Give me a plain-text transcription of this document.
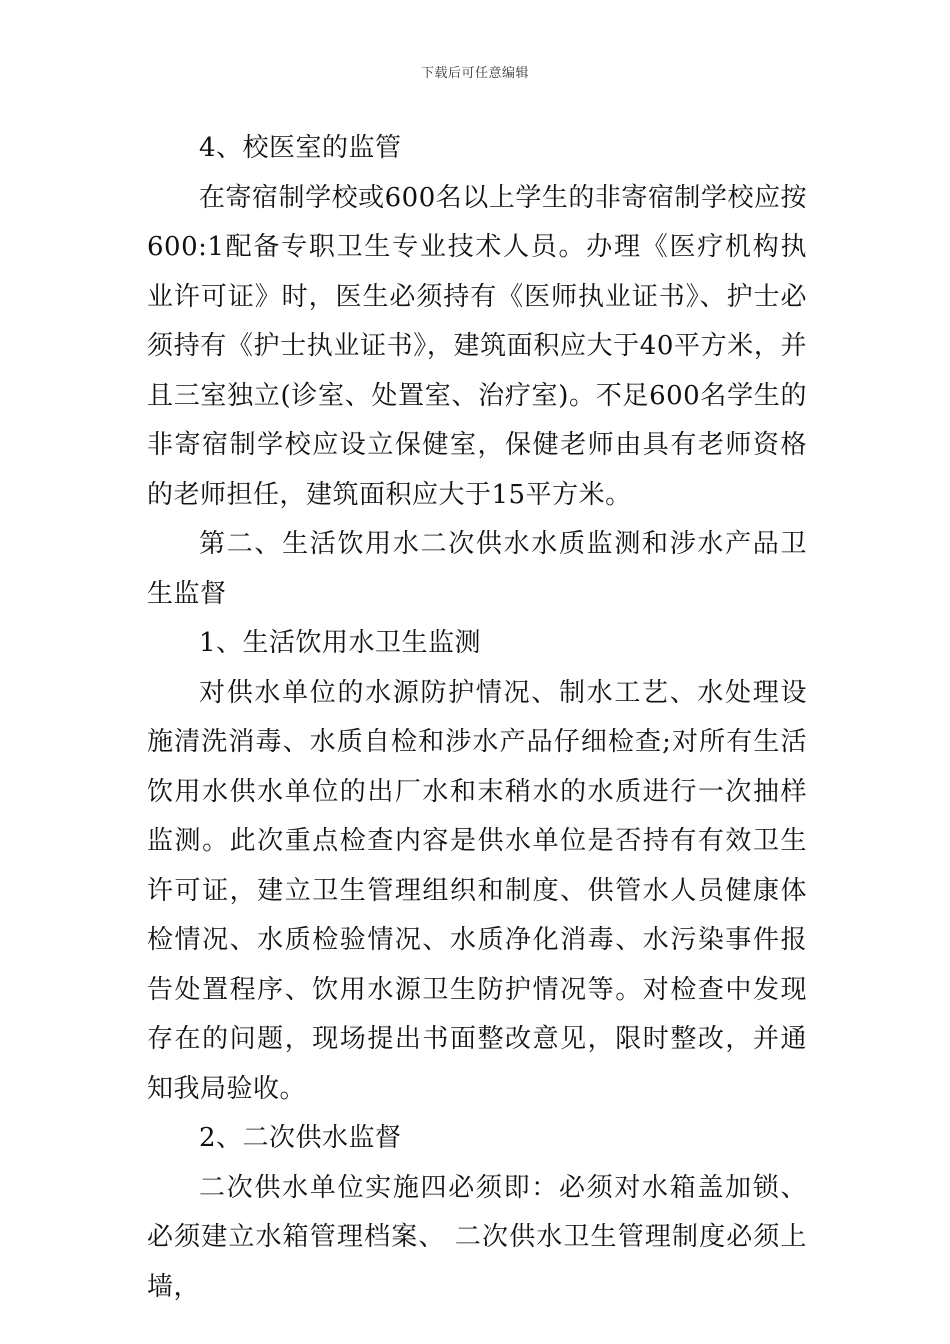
下载后可任意编辑

4、校医室的监管

在寄宿制学校或600名以上学生的非寄宿制学校应按600:1配备专职卫生专业技术人员。办理《医疗机构执业许可证》时，医生必须持有《医师执业证书》、护士必须持有《护士执业证书》，建筑面积应大于40平方米，并且三室独立(诊室、处置室、治疗室)。不足600名学生的非寄宿制学校应设立保健室，保健老师由具有老师资格的老师担任，建筑面积应大于15平方米。

第二、生活饮用水二次供水水质监测和涉水产品卫生监督

1、生活饮用水卫生监测

对供水单位的水源防护情况、制水工艺、水处理设施清洗消毒、水质自检和涉水产品仔细检查;对所有生活饮用水供水单位的出厂水和末稍水的水质进行一次抽样监测。此次重点检查内容是供水单位是否持有有效卫生许可证，建立卫生管理组织和制度、供管水人员健康体检情况、水质检验情况、水质净化消毒、水污染事件报告处置程序、饮用水源卫生防护情况等。对检查中发现存在的问题，现场提出书面整改意见，限时整改，并通知我局验收。

2、二次供水监督

二次供水单位实施四必须即：必须对水箱盖加锁、必须建立水箱管理档案、 二次供水卫生管理制度必须上墙，
